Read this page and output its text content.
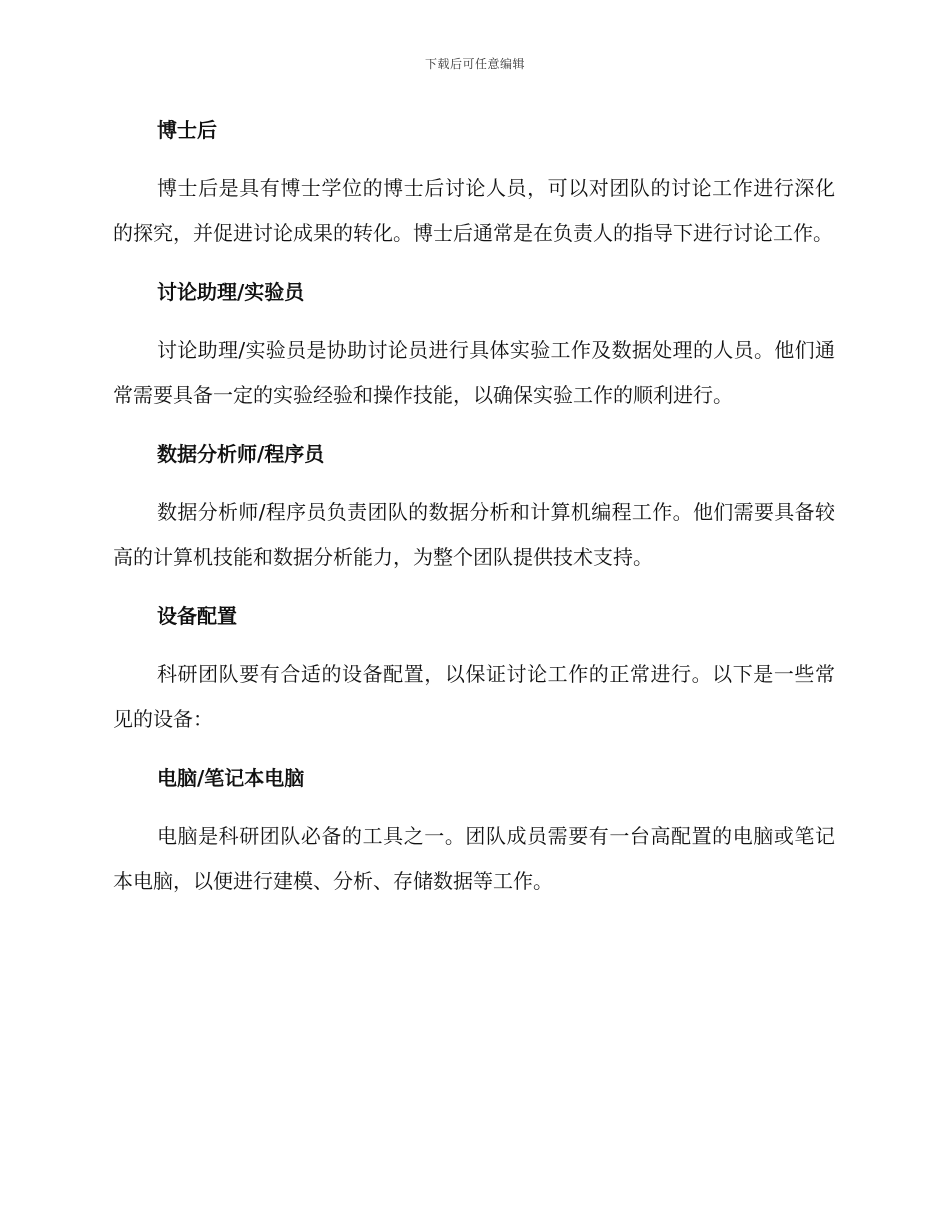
下载后可任意编辑
博士后

博士后是具有博士学位的博士后讨论人员，可以对团队的讨论工作进行深化的探究，并促进讨论成果的转化。博士后通常是在负责人的指导下进行讨论工作。

讨论助理/实验员

讨论助理/实验员是协助讨论员进行具体实验工作及数据处理的人员。他们通常需要具备一定的实验经验和操作技能，以确保实验工作的顺利进行。

数据分析师/程序员

数据分析师/程序员负责团队的数据分析和计算机编程工作。他们需要具备较高的计算机技能和数据分析能力，为整个团队提供技术支持。

设备配置

科研团队要有合适的设备配置，以保证讨论工作的正常进行。以下是一些常见的设备：

电脑/笔记本电脑

电脑是科研团队必备的工具之一。团队成员需要有一台高配置的电脑或笔记本电脑，以便进行建模、分析、存储数据等工作。
